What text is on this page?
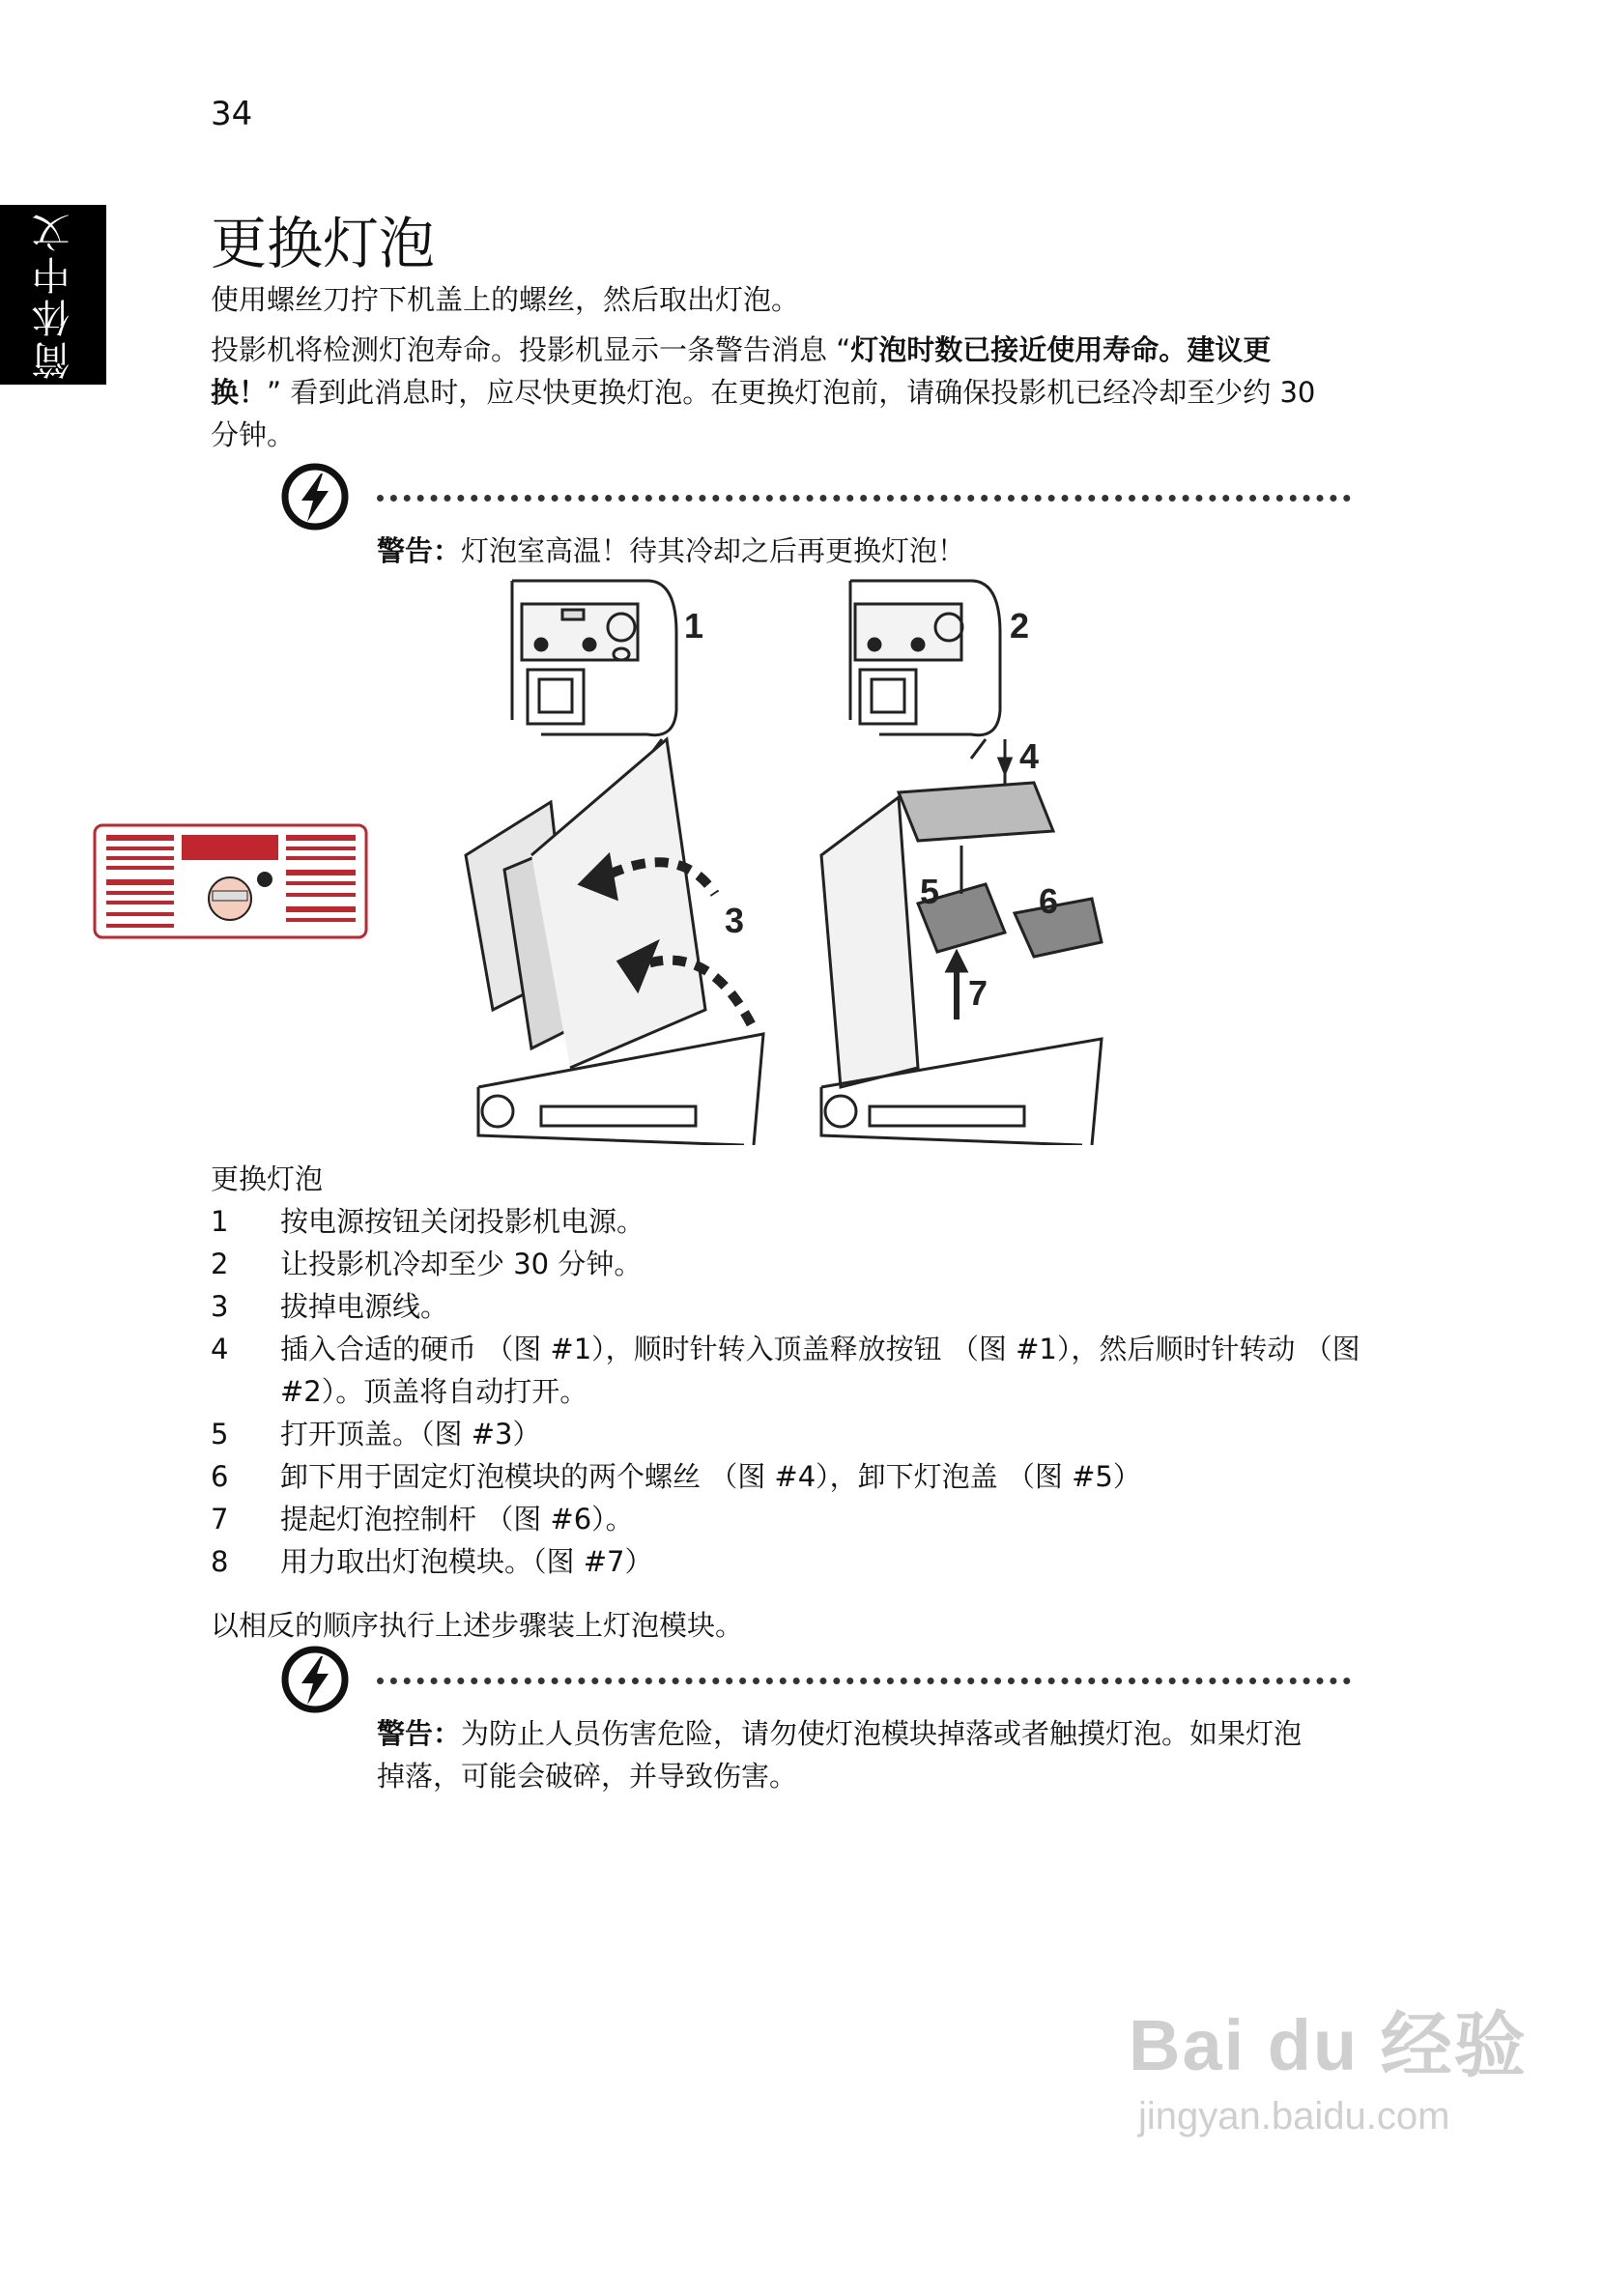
34
简体中文 更换灯泡
使用螺丝刀拧下机盖上的螺丝，然后取出灯泡。
投影机将检测灯泡寿命。投影机显示一条警告消息 “灯泡时数已接近使用寿命。建议更换！” 看到此消息时，应尽快更换灯泡。在更换灯泡前，请确保投影机已经冷却至少约 30 分钟。
警告：灯泡室高温！待其冷却之后再更换灯泡！
1	2
3
4
5	6
7
更换灯泡
1 按电源按钮关闭投影机电源。
2 让投影机冷却至少 30 分钟。
3 拔掉电源线。
4 插入合适的硬币 （图 #1），顺时针转入顶盖释放按钮 （图 #1），然后顺时针转动 （图 #2）。顶盖将自动打开。
5 打开顶盖。（图 #3）
6 卸下用于固定灯泡模块的两个螺丝 （图 #4），卸下灯泡盖 （图 #5）
7 提起灯泡控制杆 （图 #6）。
8 用力取出灯泡模块。（图 #7）
以相反的顺序执行上述步骤装上灯泡模块。
警告：为防止人员伤害危险，请勿使灯泡模块掉落或者触摸灯泡。如果灯泡掉落，可能会破碎，并导致伤害。
Bai du 经验
jingyan.baidu.com
